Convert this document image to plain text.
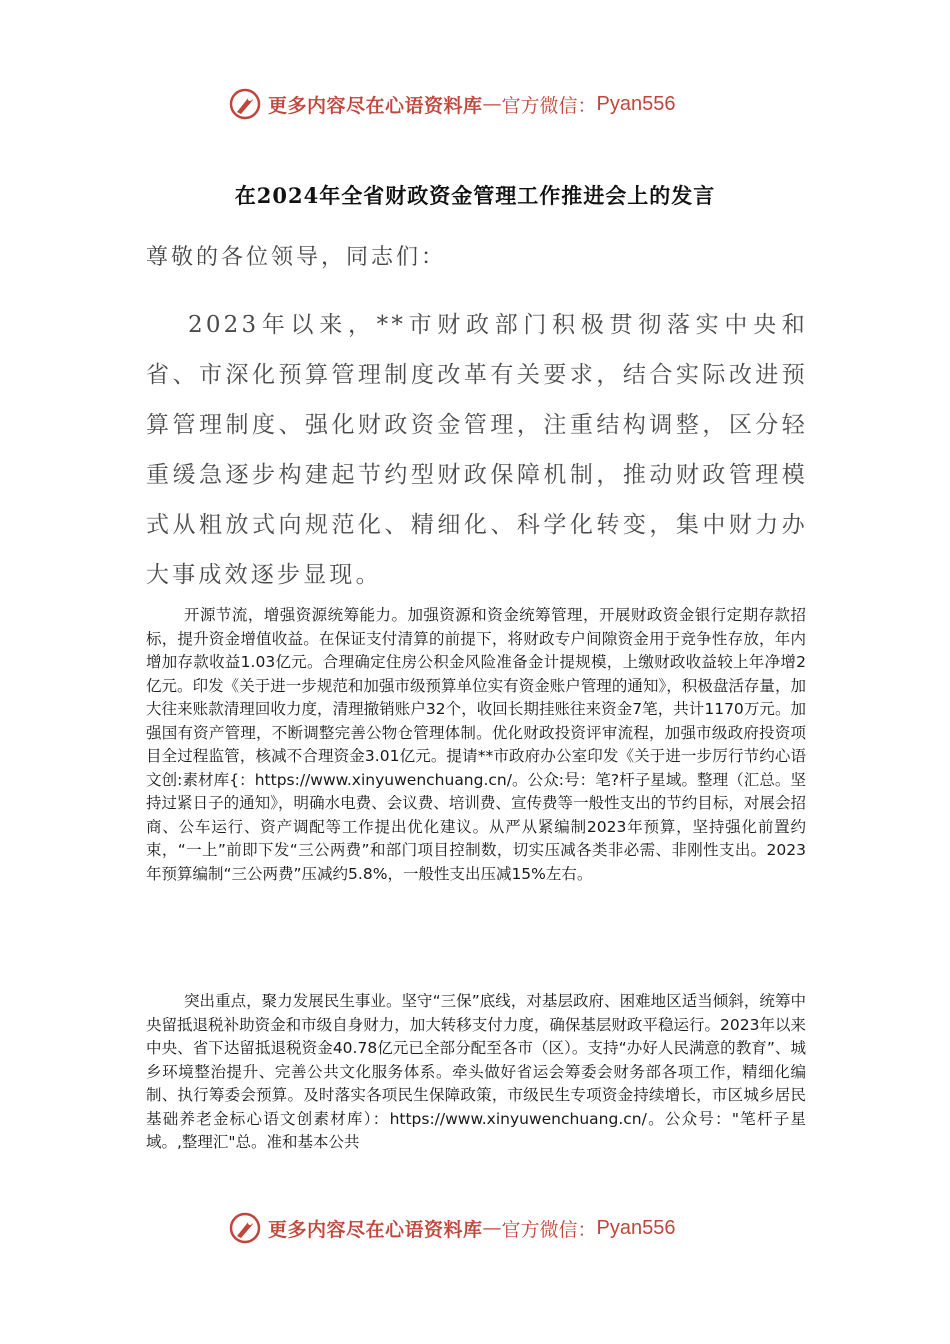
更多内容尽在心语资料库 — 官方微信： Pyan556
在2024年全省财政资金管理工作推进会上的发言
尊敬的各位领导，同志们：

2023年以来，**市财政部门积极贯彻落实中央和省、市深化预算管理制度改革有关要求，结合实际改进预算管理制度、强化财政资金管理，注重结构调整，区分轻重缓急逐步构建起节约型财政保障机制，推动财政管理模式从粗放式向规范化、精细化、科学化转变，集中财力办大事成效逐步显现。

开源节流，增强资源统筹能力。加强资源和资金统筹管理，开展财政资金银行定期存款招标，提升资金增值收益。在保证支付清算的前提下，将财政专户间隙资金用于竞争性存放，年内增加存款收益1.03亿元。合理确定住房公积金风险准备金计提规模，上缴财政收益较上年净增2亿元。印发《关于进一步规范和加强市级预算单位实有资金账户管理的通知》，积极盘活存量，加大往来账款清理回收力度，清理撤销账户32个，收回长期挂账往来资金7笔，共计1170万元。加强国有资产管理，不断调整完善公物仓管理体制。优化财政投资评审流程，加强市级政府投资项目全过程监管，核减不合理资金3.01亿元。提请**市政府办公室印发《关于进一步厉行节约心语文创:素材库{：https://www.xinyuwenchuang.cn/。公众:号：笔?杆子星域。整理（汇总。坚持过紧日子的通知》，明确水电费、会议费、培训费、宣传费等一般性支出的节约目标，对展会招商、公车运行、资产调配等工作提出优化建议。从严从紧编制2023年预算，坚持强化前置约束，“一上”前即下发“三公两费”和部门项目控制数，切实压减各类非必需、非刚性支出。2023年预算编制“三公两费”压减约5.8%，一般性支出压减15%左右。

突出重点，聚力发展民生事业。坚守“三保”底线，对基层政府、困难地区适当倾斜，统筹中央留抵退税补助资金和市级自身财力，加大转移支付力度，确保基层财政平稳运行。2023年以来中央、省下达留抵退税资金40.78亿元已全部分配至各市（区）。支持“办好人民满意的教育”、城乡环境整治提升、完善公共文化服务体系。牵头做好省运会筹委会财务部各项工作，精细化编制、执行筹委会预算。及时落实各项民生保障政策，市级民生专项资金持续增长，市区城乡居民基础养老金标心语文创素材库）：https://www.xinyuwenchuang.cn/。公众号："笔杆子星域。,整理汇"总。准和基本公共

更多内容尽在心语资料库 — 官方微信： Pyan556
